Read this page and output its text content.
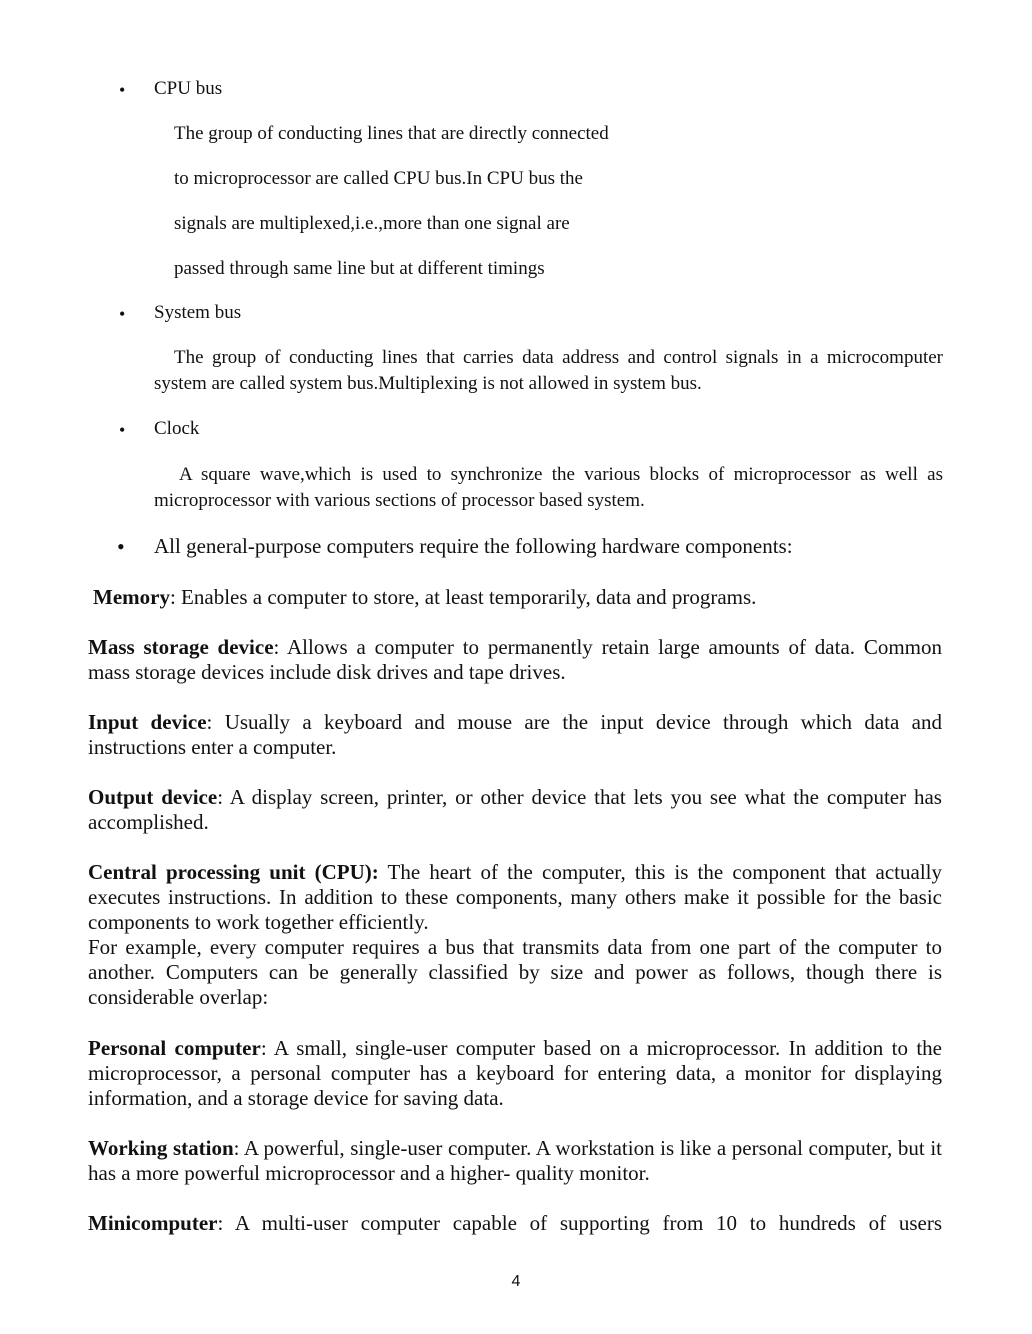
• CPU bus
The group of conducting lines that are directly connected
to microprocessor are called CPU bus.In CPU bus the
signals are multiplexed,i.e.,more than one signal are
passed through same line but at different timings
• System bus
The group of conducting lines that carries data address and control signals in a microcomputer system are called system bus.Multiplexing is not allowed in system bus.
• Clock
A square wave,which is used to synchronize the various blocks of microprocessor as well as microprocessor with various sections of processor based system.
• All general-purpose computers require the following hardware components:
Memory: Enables a computer to store, at least temporarily, data and programs.
Mass storage device: Allows a computer to permanently retain large amounts of data. Common mass storage devices include disk drives and tape drives.
Input device: Usually a keyboard and mouse are the input device through which data and instructions enter a computer.
Output device: A display screen, printer, or other device that lets you see what the computer has accomplished.
Central processing unit (CPU): The heart of the computer, this is the component that actually executes instructions. In addition to these components, many others make it possible for the basic components to work together efficiently.
For example, every computer requires a bus that transmits data from one part of the computer to another. Computers can be generally classified by size and power as follows, though there is considerable overlap:
Personal computer: A small, single-user computer based on a microprocessor. In addition to the microprocessor, a personal computer has a keyboard for entering data, a monitor for displaying information, and a storage device for saving data.
Working station: A powerful, single-user computer. A workstation is like a personal computer, but it has a more powerful microprocessor and a higher- quality monitor.
Minicomputer: A multi-user computer capable of supporting from 10 to hundreds of users
4
